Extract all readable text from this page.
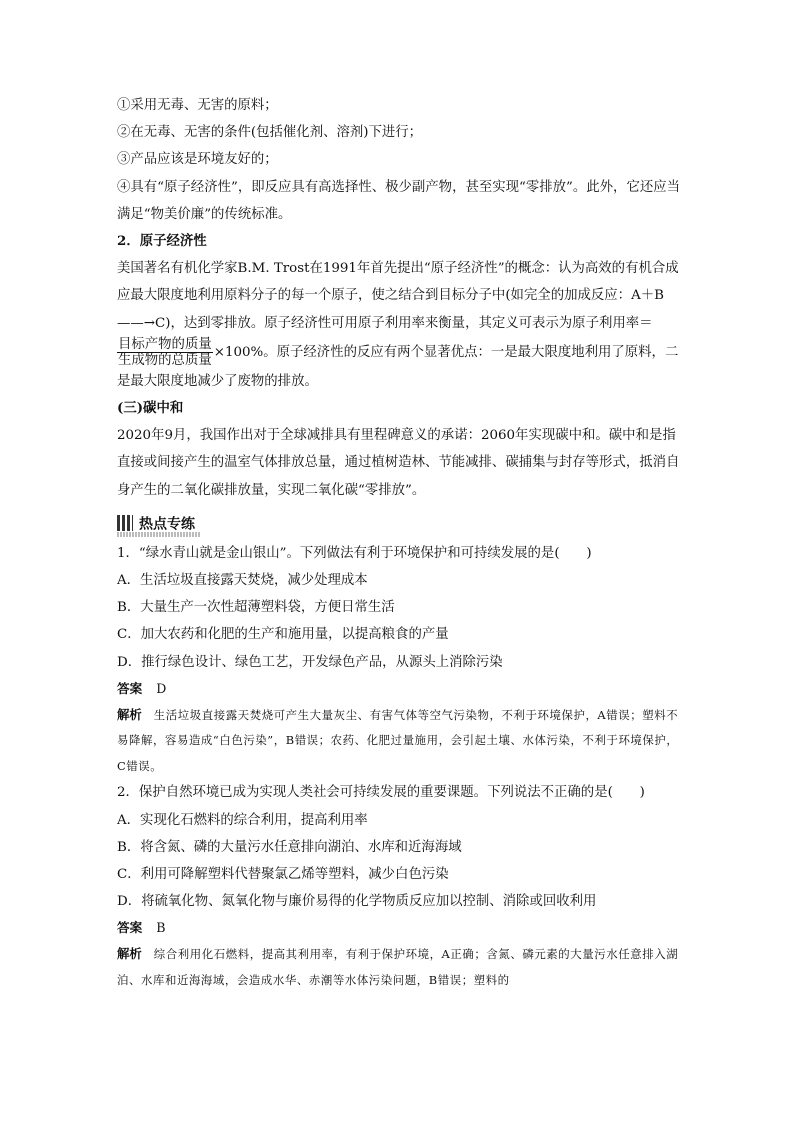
①采用无毒、无害的原料；
②在无毒、无害的条件(包括催化剂、溶剂)下进行；
③产品应该是环境友好的；
④具有“原子经济性”，即反应具有高选择性、极少副产物，甚至实现“零排放”。此外，它还应当满足“物美价廉”的传统标准。
2．原子经济性
美国著名有机化学家B.M. Trost在1991年首先提出“原子经济性”的概念：认为高效的有机合成应最大限度地利用原料分子的每一个原子，使之结合到目标分子中(如完全的加成反应：A＋B——→C)，达到零排放。原子经济性可用原子利用率来衡量，其定义可表示为原子利用率＝
$\frac{\text{目标产物的质量}}{\text{生成物的总质量}} \times 100\%$。原子经济性的反应有两个显著优点：一是最大限度地利用了原料，二是最大限度地减少了废物的排放。
(三)碳中和
2020年9月，我国作出对于全球减排具有里程碑意义的承诺：2060年实现碳中和。碳中和是指直接或间接产生的温室气体排放总量，通过植树造林、节能减排、碳捕集与封存等形式，抵消自身产生的二氧化碳排放量，实现二氧化碳“零排放”。
热点专练
1．“绿水青山就是金山银山”。下列做法有利于环境保护和可持续发展的是(　　)
A．生活垃圾直接露天焚烧，减少处理成本
B．大量生产一次性超薄塑料袋，方便日常生活
C．加大农药和化肥的生产和施用量，以提高粮食的产量
D．推行绿色设计、绿色工艺，开发绿色产品，从源头上消除污染
答案 D
解析 生活垃圾直接露天焚烧可产生大量灰尘、有害气体等空气污染物，不利于环境保护，A错误；塑料不易降解，容易造成“白色污染”，B错误；农药、化肥过量施用，会引起土壤、水体污染，不利于环境保护，C错误。
2．保护自然环境已成为实现人类社会可持续发展的重要课题。下列说法不正确的是(　　)
A．实现化石燃料的综合利用，提高利用率
B．将含氮、磷的大量污水任意排向湖泊、水库和近海海域
C．利用可降解塑料代替聚氯乙烯等塑料，减少白色污染
D．将硫氧化物、氮氧化物与廉价易得的化学物质反应加以控制、消除或回收利用
答案 B
解析 综合利用化石燃料，提高其利用率，有利于保护环境，A正确；含氮、磷元素的大量污水任意排入湖泊、水库和近海海域，会造成水华、赤潮等水体污染问题，B错误；塑料的
